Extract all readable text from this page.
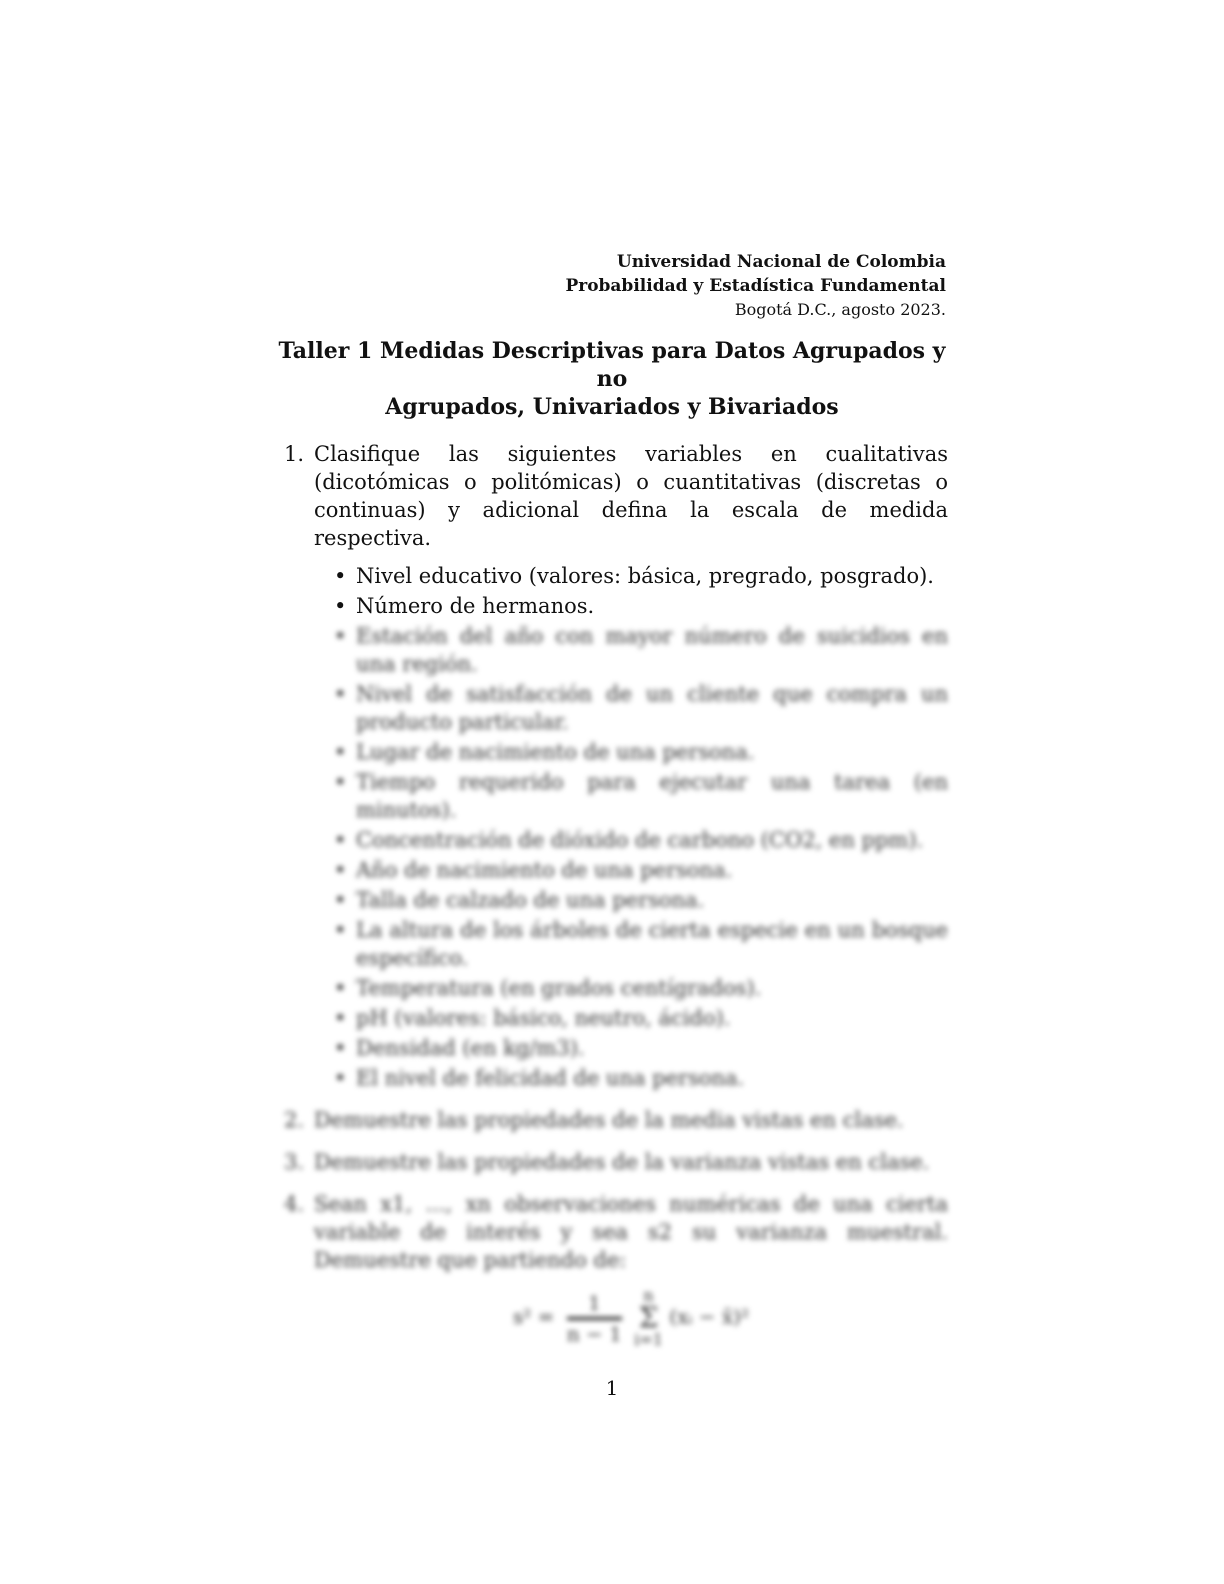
Universidad Nacional de Colombia
Probabilidad y Estadística Fundamental
Bogotá D.C., agosto 2023.
Taller 1 Medidas Descriptivas para Datos Agrupados y no
Agrupados, Univariados y Bivariados
1. Clasifique las siguientes variables en cualitativas (dicotómicas o politómicas) o cuantitativas (discretas o continuas) y adicional defina la escala de medida respectiva.
• Nivel educativo (valores: básica, pregrado, posgrado).
• Número de hermanos.
• Estación del año con mayor número de suicidios en una región.
• Nivel de satisfacción de un cliente que compra un producto particular.
• Lugar de nacimiento de una persona.
• Tiempo requerido para ejecutar una tarea (en minutos).
• Concentración de dióxido de carbono (CO2, en ppm).
• Año de nacimiento de una persona.
• Talla de calzado de una persona.
• La altura de los árboles de cierta especie en un bosque específico.
• Temperatura (en grados centígrados).
• pH (valores: básico, neutro, ácido).
• Densidad (en kg/m3).
• El nivel de felicidad de una persona.
2. Demuestre las propiedades de la media vistas en clase.
3. Demuestre las propiedades de la varianza vistas en clase.
4. Sean x1, ..., xn observaciones numéricas de una cierta variable de interés y sea s2 su varianza muestral. Demuestre que partiendo de:
$s^2 = \frac{1}{n - 1}$ n
Σ
i=1 (xᵢ − x̄)²
1
